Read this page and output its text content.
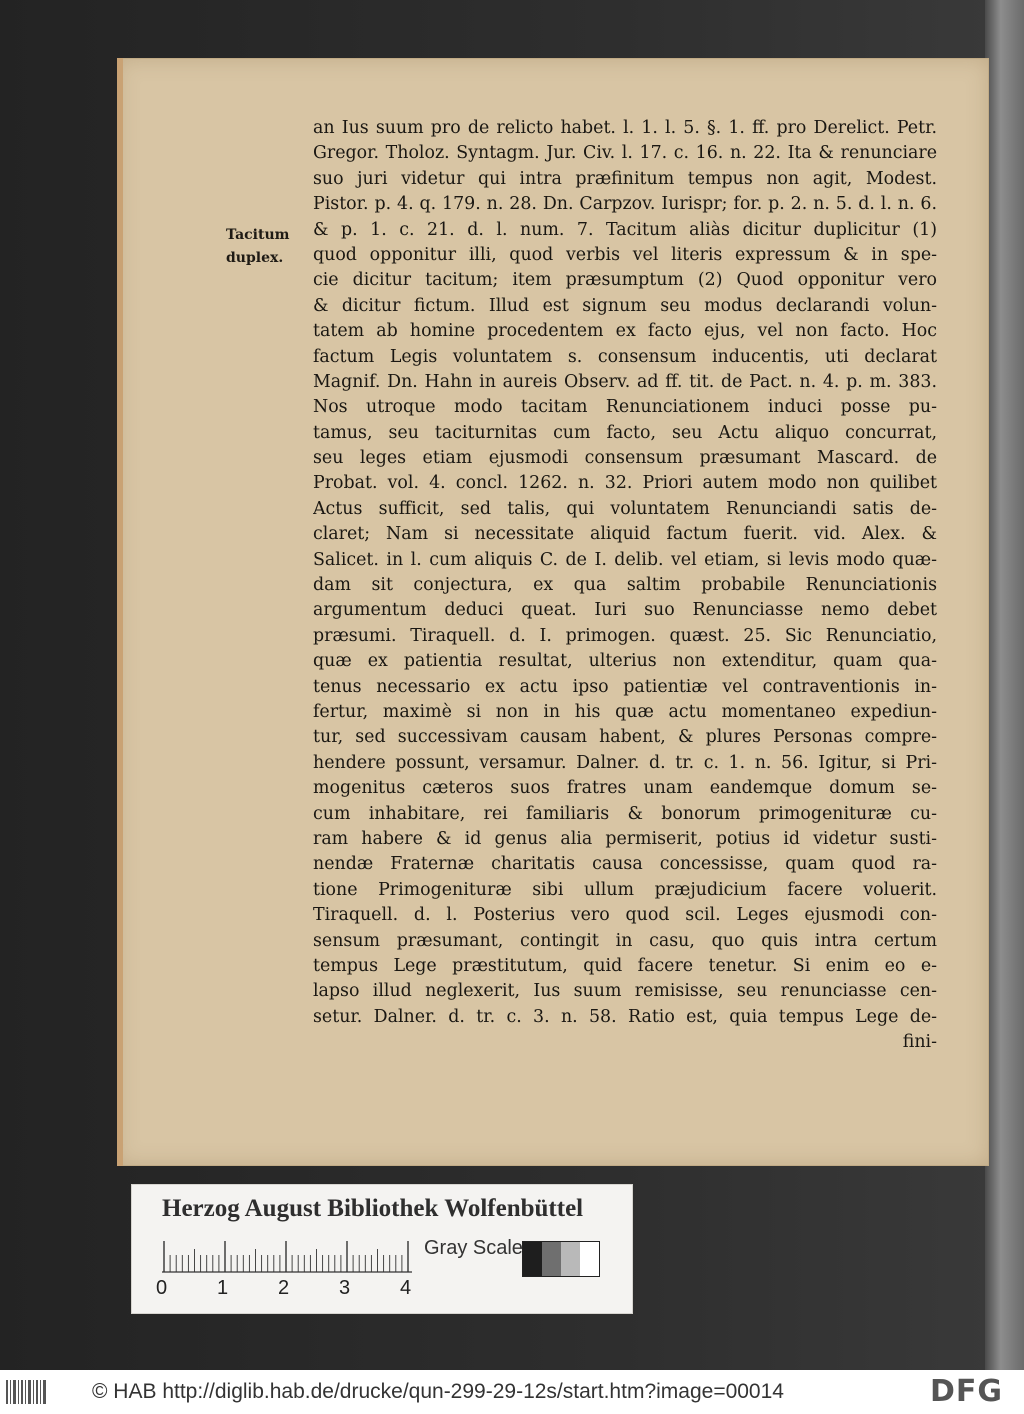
Tacitum
duplex.
an Ius suum pro de relicto habet. l. 1. l. 5. §. 1. ff. pro Derelict. Petr.
Gregor. Tholoz. Syntagm. Jur. Civ. l. 17. c. 16. n. 22. Ita & renunciare
suo juri videtur qui intra præfinitum tempus non agit, Modest.
Pistor. p. 4. q. 179. n. 28. Dn. Carpzov. Iurispr; for. p. 2. n. 5. d. l. n. 6.
& p. 1. c. 21. d. l. num. 7. Tacitum aliàs dicitur duplicitur (1)
quod opponitur illi, quod verbis vel literis expressum & in spe-
cie dicitur tacitum; item præsumptum (2) Quod opponitur vero
& dicitur fictum. Illud est signum seu modus declarandi volun-
tatem ab homine procedentem ex facto ejus, vel non facto. Hoc
factum Legis voluntatem s. consensum inducentis, uti declarat
Magnif. Dn. Hahn in aureis Observ. ad ff. tit. de Pact. n. 4. p. m. 383.
Nos utroque modo tacitam Renunciationem induci posse pu-
tamus, seu taciturnitas cum facto, seu Actu aliquo concurrat,
seu leges etiam ejusmodi consensum præsumant Mascard. de
Probat. vol. 4. concl. 1262. n. 32. Priori autem modo non quilibet
Actus sufficit, sed talis, qui voluntatem Renunciandi satis de-
claret; Nam si necessitate aliquid factum fuerit. vid. Alex. &
Salicet. in l. cum aliquis C. de I. delib. vel etiam, si levis modo quæ-
dam sit conjectura, ex qua saltim probabile Renunciationis
argumentum deduci queat. Iuri suo Renunciasse nemo debet
præsumi. Tiraquell. d. I. primogen. quæst. 25. Sic Renunciatio,
quæ ex patientia resultat, ulterius non extenditur, quam qua-
tenus necessario ex actu ipso patientiæ vel contraventionis in-
fertur, maximè si non in his quæ actu momentaneo expediun-
tur, sed successivam causam habent, & plures Personas compre-
hendere possunt, versamur. Dalner. d. tr. c. 1. n. 56. Igitur, si Pri-
mogenitus cæteros suos fratres unam eandemque domum se-
cum inhabitare, rei familiaris & bonorum primogenituræ cu-
ram habere & id genus alia permiserit, potius id videtur susti-
nendæ Fraternæ charitatis causa concessisse, quam quod ra-
tione Primogenituræ sibi ullum præjudicium facere voluerit.
Tiraquell. d. l. Posterius vero quod scil. Leges ejusmodi con-
sensum præsumant, contingit in casu, quo quis intra certum
tempus Lege præstitutum, quid facere tenetur. Si enim eo e-
lapso illud neglexerit, Ius suum remisisse, seu renunciasse cen-
setur. Dalner. d. tr. c. 3. n. 58. Ratio est, quia tempus Lege de-
fini-
Herzog August Bibliothek Wolfenbüttel
0 1 2 3 4
Gray Scale
© HAB http://diglib.hab.de/drucke/qun-299-29-12s/start.htm?image=00014	DFG
